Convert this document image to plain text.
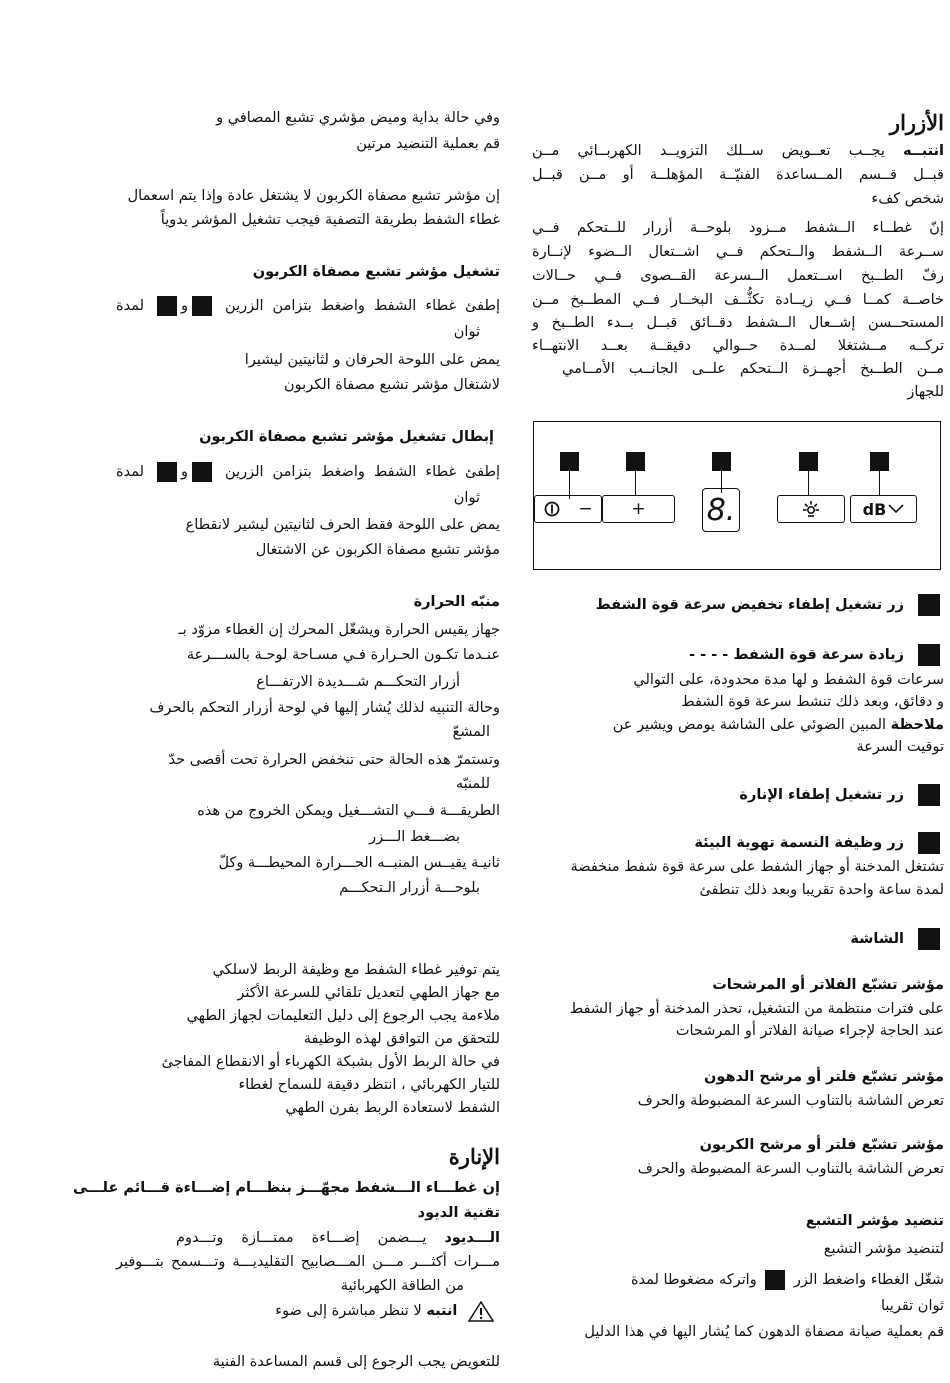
الأزرار
انتبــه يجــب تعــويض ســلك التزويــد الكهربــائي مــن
قبــل قــسم المــساعدة الفنيّــة المؤهلــة أو مــن قبــل
شخص كفء
إنّ غطــاء الــشفط مــزود بلوحــة أزرار للــتحكم فــي
ســرعة الــشفط والــتحكم فــي اشــتعال الــضوء لإنــارة
رفّ الطــبخ اســتعمل الــسرعة القــصوى فــي حــالات
خاصــة كمــا فــي زيــادة تكثُّــف البخــار فــي المطــبخ مــن
المستحــسن إشــعال الــشفط دقــائق قبــل بــدء الطــبخ و
تركــه مــشتغلا لمــدة حــوالي دقيقــة بعــد الانتهــاء
مــن الطــبخ أجهــزة الــتحكم علــى الجانــب الأمــامي
للجهاز
زر تشغيل إطفاء تخفيض سرعة قوة الشفط
زيادة سرعة قوة الشفط - - - -
سرعات قوة الشفط و لها مدة محدودة، على التوالي
و دقائق، وبعد ذلك تنشط سرعة قوة الشفط
ملاحظة المبين الضوئي على الشاشة يومض ويشير عن
توقيت السرعة
زر تشغيل إطفاء الإنارة
زر وظيفة النسمة تهوية البيئة
تشتغل المدخنة أو جهاز الشفط على سرعة قوة شفط منخفضة
لمدة ساعة واحدة تقريبا وبعد ذلك تنطفئ
الشاشة
مؤشر تشبّع الفلاتر أو المرشحات
على فترات منتظمة من التشغيل، تحذر المدخنة أو جهاز الشفط
عند الحاجة لإجراء صيانة الفلاتر أو المرشحات
مؤشر تشبّع فلتر أو مرشح الدهون
تعرض الشاشة بالتناوب السرعة المضبوطة والحرف
مؤشر تشبّع فلتر أو مرشح الكربون
تعرض الشاشة بالتناوب السرعة المضبوطة والحرف
تنضيد مؤشر التشبع
لتنضيد مؤشر التشبع
شغّل الغطاء واضغط الزر  واتركه مضغوطا لمدة
ثوان تقريبا
قم بعملية صيانة مصفاة الدهون كما يُشار اليها في هذا الدليل
− + 8.	dB
وفي حالة بداية وميض مؤشري تشبع المصافي و
قم بعملية التنضيد مرتين
إن مؤشر تشبع مصفاة الكربون لا يشتغل عادة وإذا يتم اسعمال
غطاء الشفط بطريقة التصفية فيجب تشغيل المؤشر يدوياً
تشغيل مؤشر تشبع مصفاة الكربون
إطفئ غطاء الشفط واضغط بتزامن الزرين و لمدة
ثوان
يمض على اللوحة الحرفان و لثانيتين ليشيرا
لاشتغال مؤشر تشبع مصفاة الكربون
إبطال تشغيل مؤشر تشبع مصفاة الكربون
إطفئ غطاء الشفط واضغط بتزامن الزرين و لمدة
ثوان
يمض على اللوحة فقط الحرف لثانيتين ليشير لانقطاع
مؤشر تشبع مصفاة الكربون عن الاشتغال
منبّه الحرارة
جهاز يقيس الحرارة ويشغّل المحرك إن الغطاء مزوّد بـ
عنـدما تكـون الحـرارة فـي مسـاحة لوحـة بالســـرعة
أزرار التحكـــم شـــديدة الارتفـــاع
وحالة التنبيه لذلك يُشار إليها في لوحة أزرار التحكم بالحرف
المشعّ
وتستمرّ هذه الحالة حتى تنخفض الحرارة تحت أقصى حدّ
للمنبّه
الطريقـــة فـــي التشـــغيل ويمكن الخروج من هذه
بضـــغط الـــزر
ثانيـة يقيــس المنبــه الحـــرارة المحيطـــة وكلّ
بلوحـــة أزرار الـتحكـــم
يتم توفير غطاء الشفط مع وظيفة الربط لاسلكي
مع جهاز الطهي لتعديل تلقائي للسرعة الأكثر
ملاءمة يجب الرجوع إلى دليل التعليمات لجهاز الطهي
للتحقق من التوافق لهذه الوظيفة
في حالة الربط الأول بشبكة الكهرباء أو الانقطاع المفاجئ
للتيار الكهربائي ، انتظر دقيقة للسماح لغطاء
الشفط لاستعادة الربط بفرن الطهي
الإنارة
إن غطـــاء الـــشفط مجهّـــز بنظـــام إضـــاءة قـــائم علـــى
تقنية الديود
الـــديود يـــضمن إضـــاءة ممتـــازة وتـــدوم
مـــرات أكثـــر مـــن المـــصابيح التقليديـــة وتـــسمح بتـــوفير
من الطاقة الكهربائية
انتبه لا تنظر مباشرة إلى ضوء
للتعويض يجب الرجوع إلى قسم المساعدة الفنية
